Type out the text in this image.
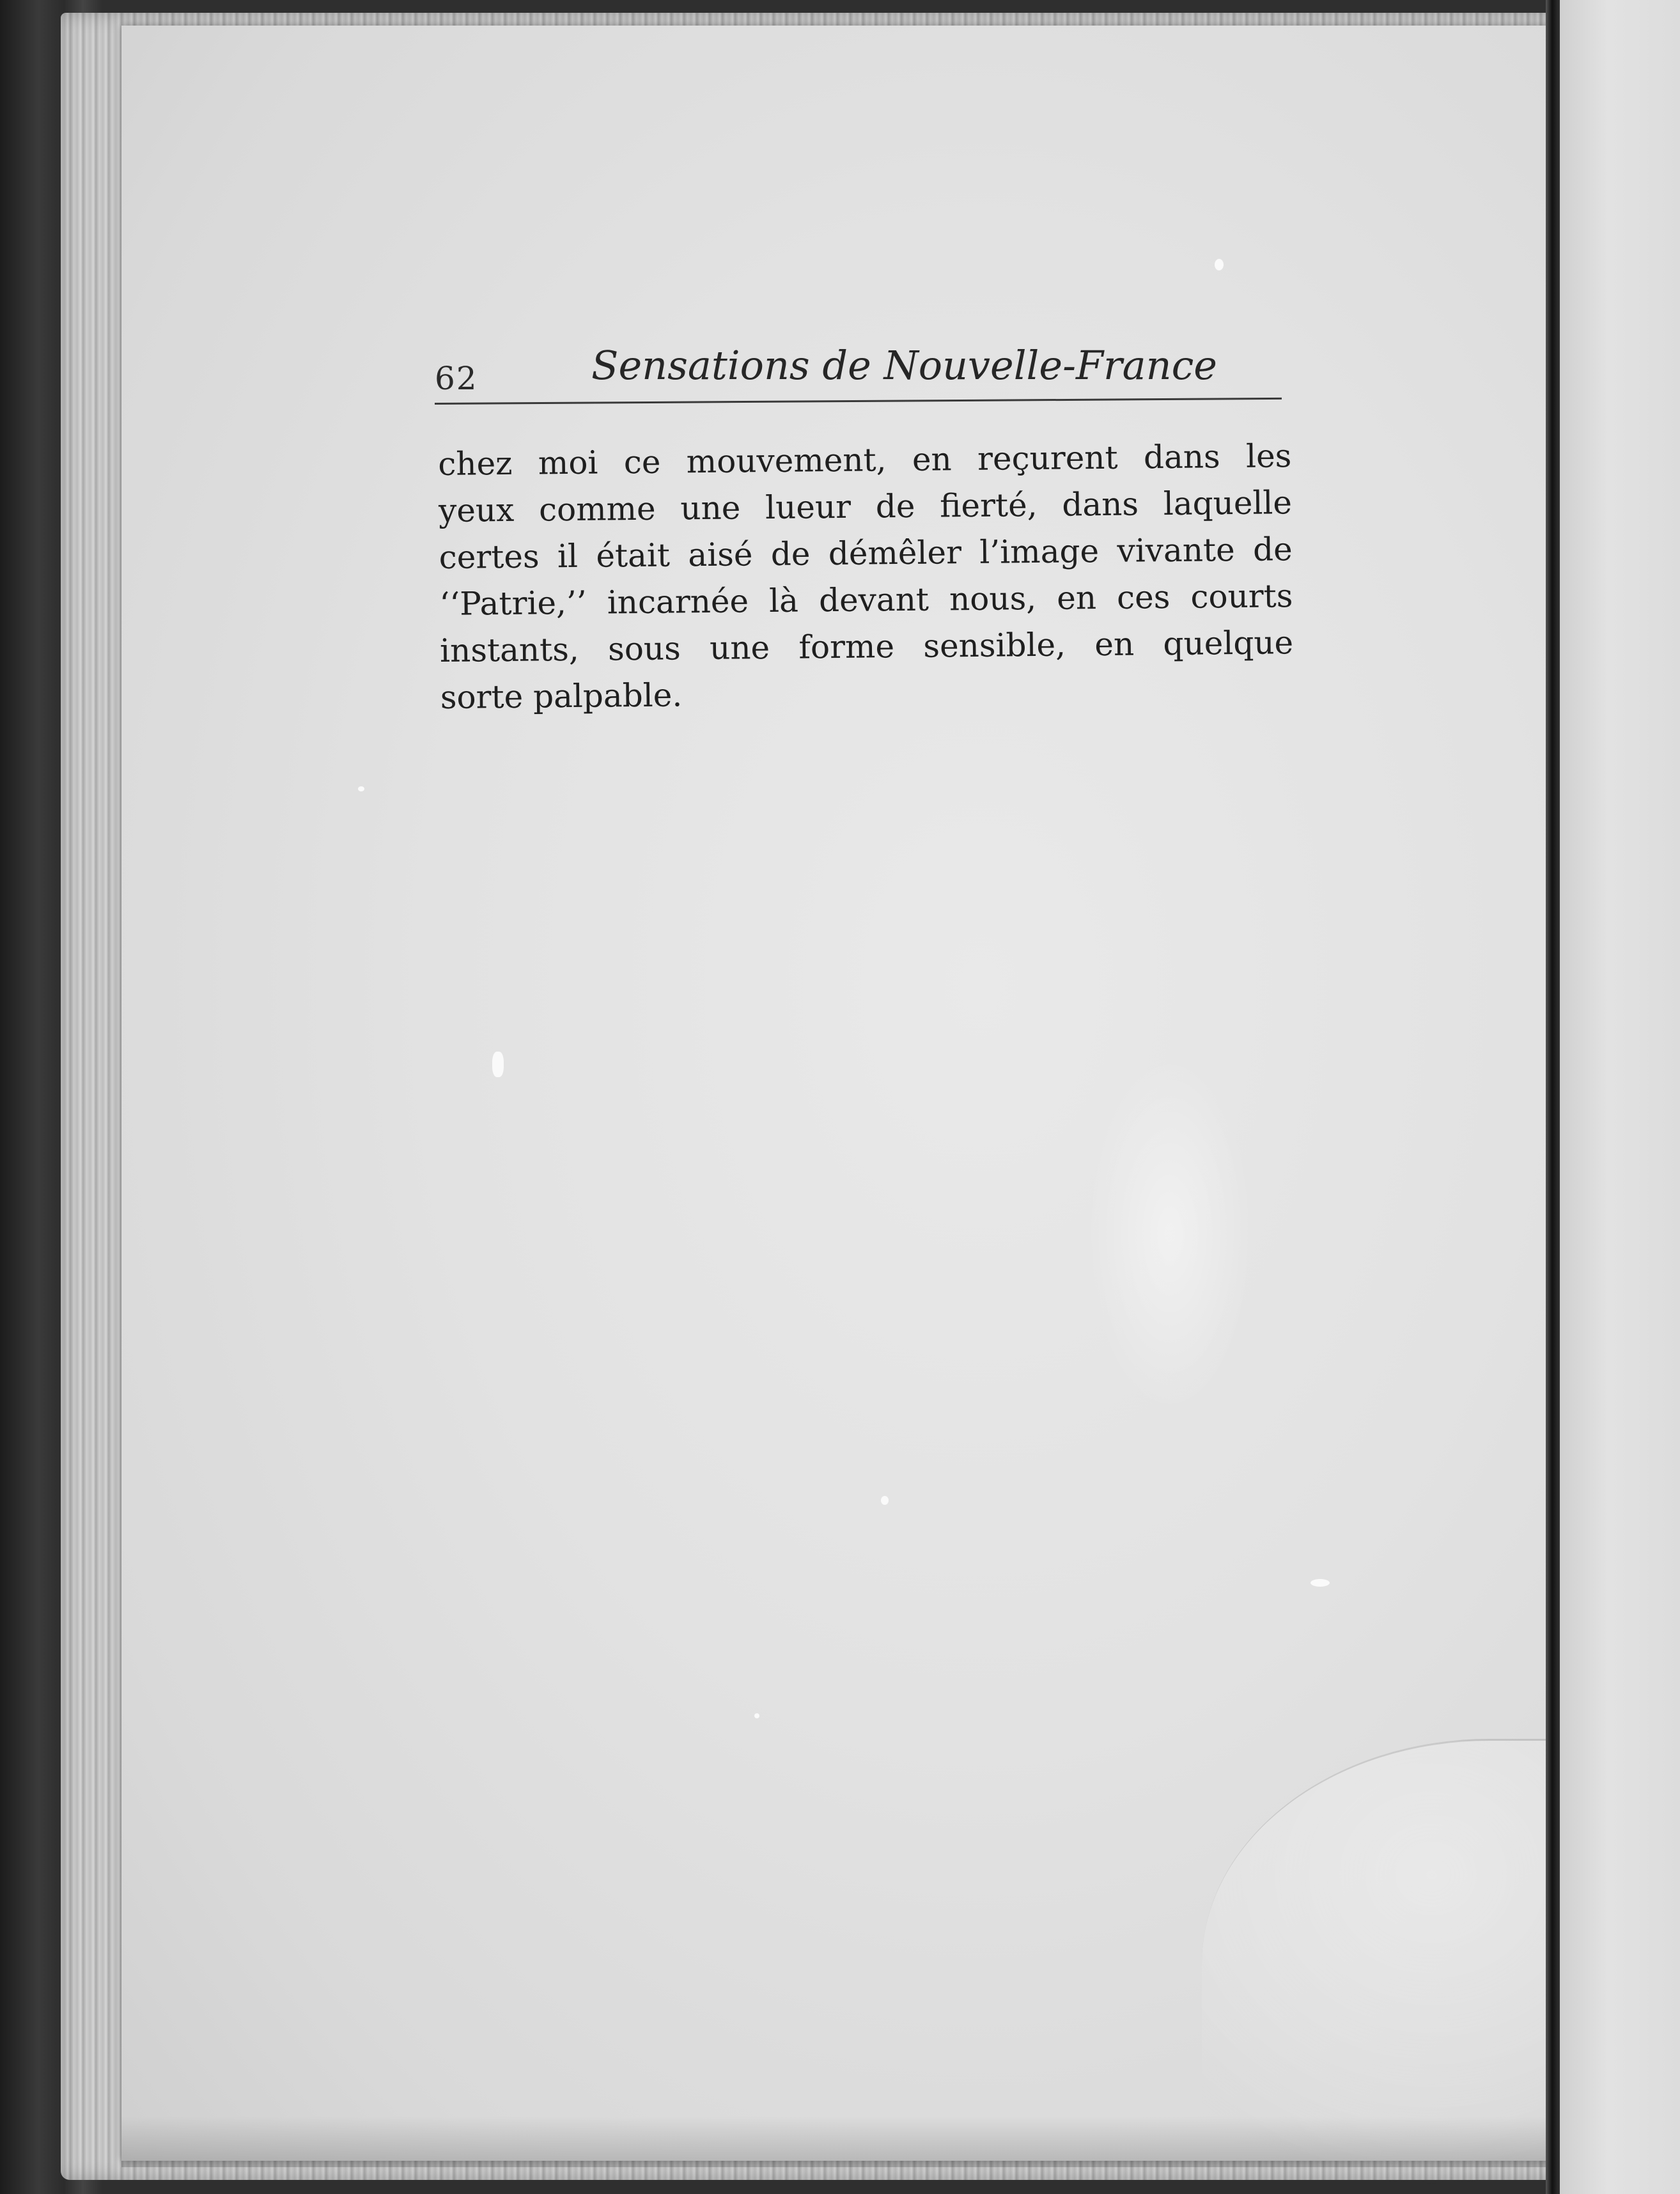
62	Sensations de Nouvelle-France
chez moi ce mouvement, en reçurent dans les
yeux comme une lueur de fierté, dans laquelle
certes il était aisé de démêler l’image vivante de
‘‘Patrie,’’ incarnée là devant nous, en ces courts
instants, sous une forme sensible, en quelque
sorte palpable.
